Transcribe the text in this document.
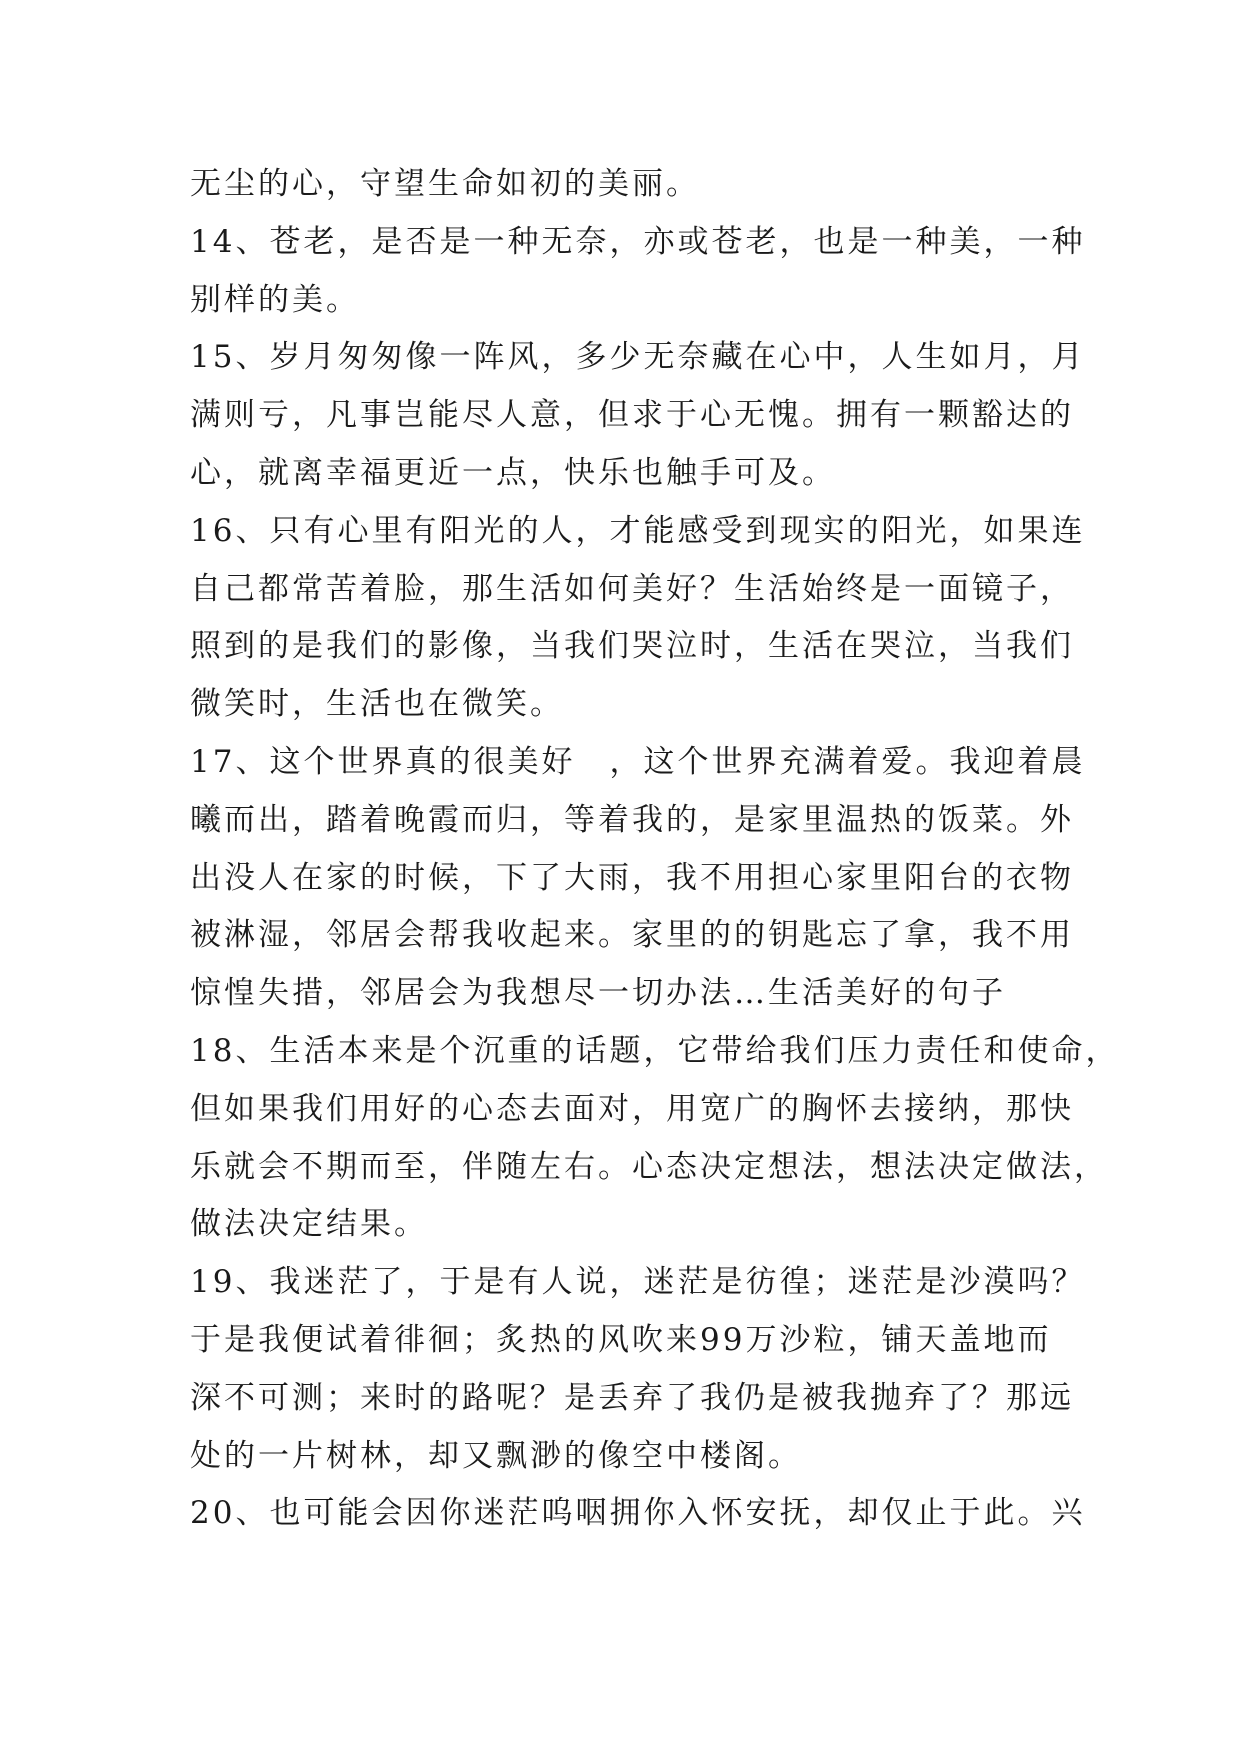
无尘的心，守望生命如初的美丽。
14、苍老，是否是一种无奈，亦或苍老，也是一种美，一种
别样的美。
15、岁月匆匆像一阵风，多少无奈藏在心中，人生如月，月
满则亏，凡事岂能尽人意，但求于心无愧。拥有一颗豁达的
心，就离幸福更近一点，快乐也触手可及。
16、只有心里有阳光的人，才能感受到现实的阳光，如果连
自己都常苦着脸，那生活如何美好？生活始终是一面镜子，
照到的是我们的影像，当我们哭泣时，生活在哭泣，当我们
微笑时，生活也在微笑。
17、这个世界真的很美好　，这个世界充满着爱。我迎着晨
曦而出，踏着晚霞而归，等着我的，是家里温热的饭菜。外
出没人在家的时候，下了大雨，我不用担心家里阳台的衣物
被淋湿，邻居会帮我收起来。家里的的钥匙忘了拿，我不用
惊惶失措，邻居会为我想尽一切办法…生活美好的句子
18、生活本来是个沉重的话题，它带给我们压力责任和使命，
但如果我们用好的心态去面对，用宽广的胸怀去接纳，那快
乐就会不期而至，伴随左右。心态决定想法，想法决定做法，
做法决定结果。
19、我迷茫了，于是有人说，迷茫是彷徨；迷茫是沙漠吗？
于是我便试着徘徊；炙热的风吹来99万沙粒，铺天盖地而
深不可测；来时的路呢？是丢弃了我仍是被我抛弃了？那远
处的一片树林，却又飘渺的像空中楼阁。
20、也可能会因你迷茫呜咽拥你入怀安抚，却仅止于此。兴
